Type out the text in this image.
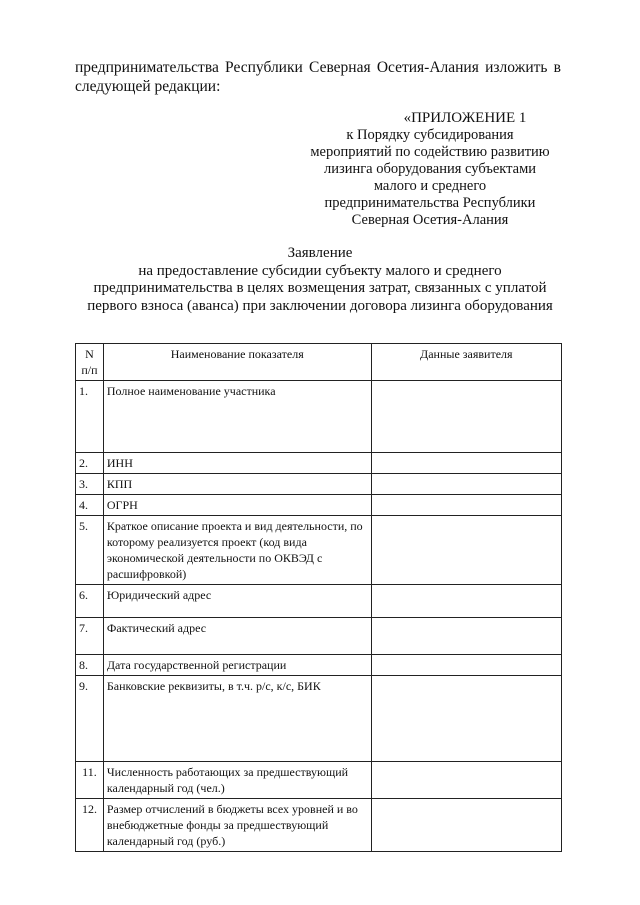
предпринимательства Республики Северная Осетия-Алания изложить в
следующей редакции:
«ПРИЛОЖЕНИЕ 1
к Порядку субсидирования
мероприятий по содействию развитию
лизинга оборудования субъектами
малого и среднего
предпринимательства Республики
Северная Осетия-Алания
Заявление
на предоставление субсидии субъекту малого и среднего
предпринимательства в целях возмещения затрат, связанных с уплатой
первого взноса (аванса) при заключении договора лизинга оборудования
N п/п	Наименование показателя	Данные заявителя
1.	Полное наименование участника	
2.	ИНН	
3.	КПП	
4.	ОГРН	
5.	Краткое описание проекта и вид деятельности, по которому реализуется проект (код вида экономической деятельности по ОКВЭД с расшифровкой)	
6.	Юридический адрес	
7.	Фактический адрес	
8.	Дата государственной регистрации	
9.	Банковские реквизиты, в т.ч. р/с, к/с, БИК	
11.	Численность работающих за предшествующий календарный год (чел.)	
12.	Размер отчислений в бюджеты всех уровней и во внебюджетные фонды за предшествующий календарный год (руб.)	
